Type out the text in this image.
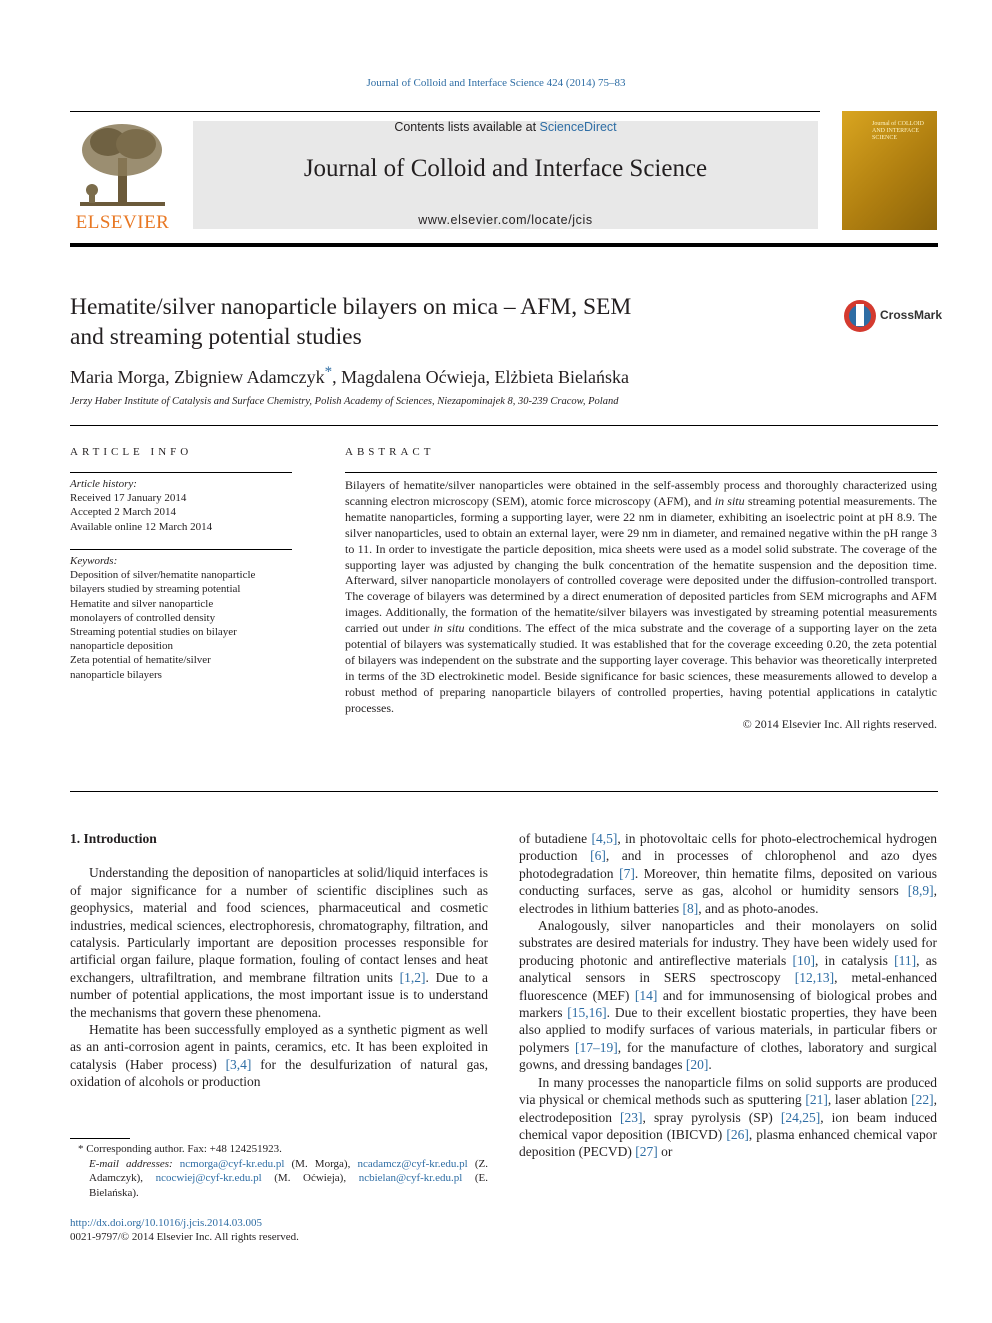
Journal of Colloid and Interface Science 424 (2014) 75–83
ELSEVIER
Contents lists available at ScienceDirect
Journal of Colloid and Interface Science
www.elsevier.com/locate/jcis
Journal of COLLOID AND INTERFACE SCIENCE
Hematite/silver nanoparticle bilayers on mica – AFM, SEM
and streaming potential studies
CrossMark
Maria Morga, Zbigniew Adamczyk*, Magdalena Oćwieja, Elżbieta Bielańska
Jerzy Haber Institute of Catalysis and Surface Chemistry, Polish Academy of Sciences, Niezapominajek 8, 30-239 Cracow, Poland
ARTICLE INFO
Article history:
Received 17 January 2014
Accepted 2 March 2014
Available online 12 March 2014
Keywords:
Deposition of silver/hematite nanoparticle
bilayers studied by streaming potential
Hematite and silver nanoparticle
monolayers of controlled density
Streaming potential studies on bilayer
nanoparticle deposition
Zeta potential of hematite/silver
nanoparticle bilayers
ABSTRACT

Bilayers of hematite/silver nanoparticles were obtained in the self-assembly process and thoroughly characterized using scanning electron microscopy (SEM), atomic force microscopy (AFM), and in situ streaming potential measurements. The hematite nanoparticles, forming a supporting layer, were 22 nm in diameter, exhibiting an isoelectric point at pH 8.9. The silver nanoparticles, used to obtain an external layer, were 29 nm in diameter, and remained negative within the pH range 3 to 11. In order to investigate the particle deposition, mica sheets were used as a model solid substrate. The coverage of the supporting layer was adjusted by changing the bulk concentration of the hematite suspension and the deposition time. Afterward, silver nanoparticle monolayers of controlled coverage were deposited under the diffusion-controlled transport. The coverage of bilayers was determined by a direct enumeration of deposited particles from SEM micrographs and AFM images. Additionally, the formation of the hematite/silver bilayers was investigated by streaming potential measurements carried out under in situ conditions. The effect of the mica substrate and the coverage of a supporting layer on the zeta potential of bilayers was systematically studied. It was established that for the coverage exceeding 0.20, the zeta potential of bilayers was independent on the substrate and the supporting layer coverage. This behavior was theoretically interpreted in terms of the 3D electrokinetic model. Beside significance for basic sciences, these measurements allowed to develop a robust method of preparing nanoparticle bilayers of controlled properties, having potential applications in catalytic processes.

© 2014 Elsevier Inc. All rights reserved.

1. Introduction

Understanding the deposition of nanoparticles at solid/liquid interfaces is of major significance for a number of scientific disciplines such as geophysics, material and food sciences, pharmaceutical and cosmetic industries, medical sciences, electrophoresis, chromatography, filtration, and catalysis. Particularly important are deposition processes responsible for artificial organ failure, plaque formation, fouling of contact lenses and heat exchangers, ultrafiltration, and membrane filtration units [1,2]. Due to a number of potential applications, the most important issue is to understand the mechanisms that govern these phenomena.

Hematite has been successfully employed as a synthetic pigment as well as an anti-corrosion agent in paints, ceramics, etc. It has been exploited in catalysis (Haber process) [3,4] for the desulfurization of natural gas, oxidation of alcohols or production

of butadiene [4,5], in photovoltaic cells for photo-electrochemical hydrogen production [6], and in processes of chlorophenol and azo dyes photodegradation [7]. Moreover, thin hematite films, deposited on various conducting surfaces, serve as gas, alcohol or humidity sensors [8,9], electrodes in lithium batteries [8], and as photo-anodes.

Analogously, silver nanoparticles and their monolayers on solid substrates are desired materials for industry. They have been widely used for producing photonic and antireflective materials [10], in catalysis [11], as analytical sensors in SERS spectroscopy [12,13], metal-enhanced fluorescence (MEF) [14] and for immunosensing of biological probes and markers [15,16]. Due to their excellent biostatic properties, they have been also applied to modify surfaces of various materials, in particular fibers or polymers [17–19], for the manufacture of clothes, laboratory and surgical gowns, and dressing bandages [20].

In many processes the nanoparticle films on solid supports are produced via physical or chemical methods such as sputtering [21], laser ablation [22], electrodeposition [23], spray pyrolysis (SP) [24,25], ion beam induced chemical vapor deposition (IBICVD) [26], plasma enhanced chemical vapor deposition (PECVD) [27] or

* Corresponding author. Fax: +48 124251923.
E-mail addresses: ncmorga@cyf-kr.edu.pl (M. Morga), ncadamcz@cyf-kr.edu.pl (Z. Adamczyk), ncocwiej@cyf-kr.edu.pl (M. Oćwieja), ncbielan@cyf-kr.edu.pl (E. Bielańska).
http://dx.doi.org/10.1016/j.jcis.2014.03.005
0021-9797/© 2014 Elsevier Inc. All rights reserved.
